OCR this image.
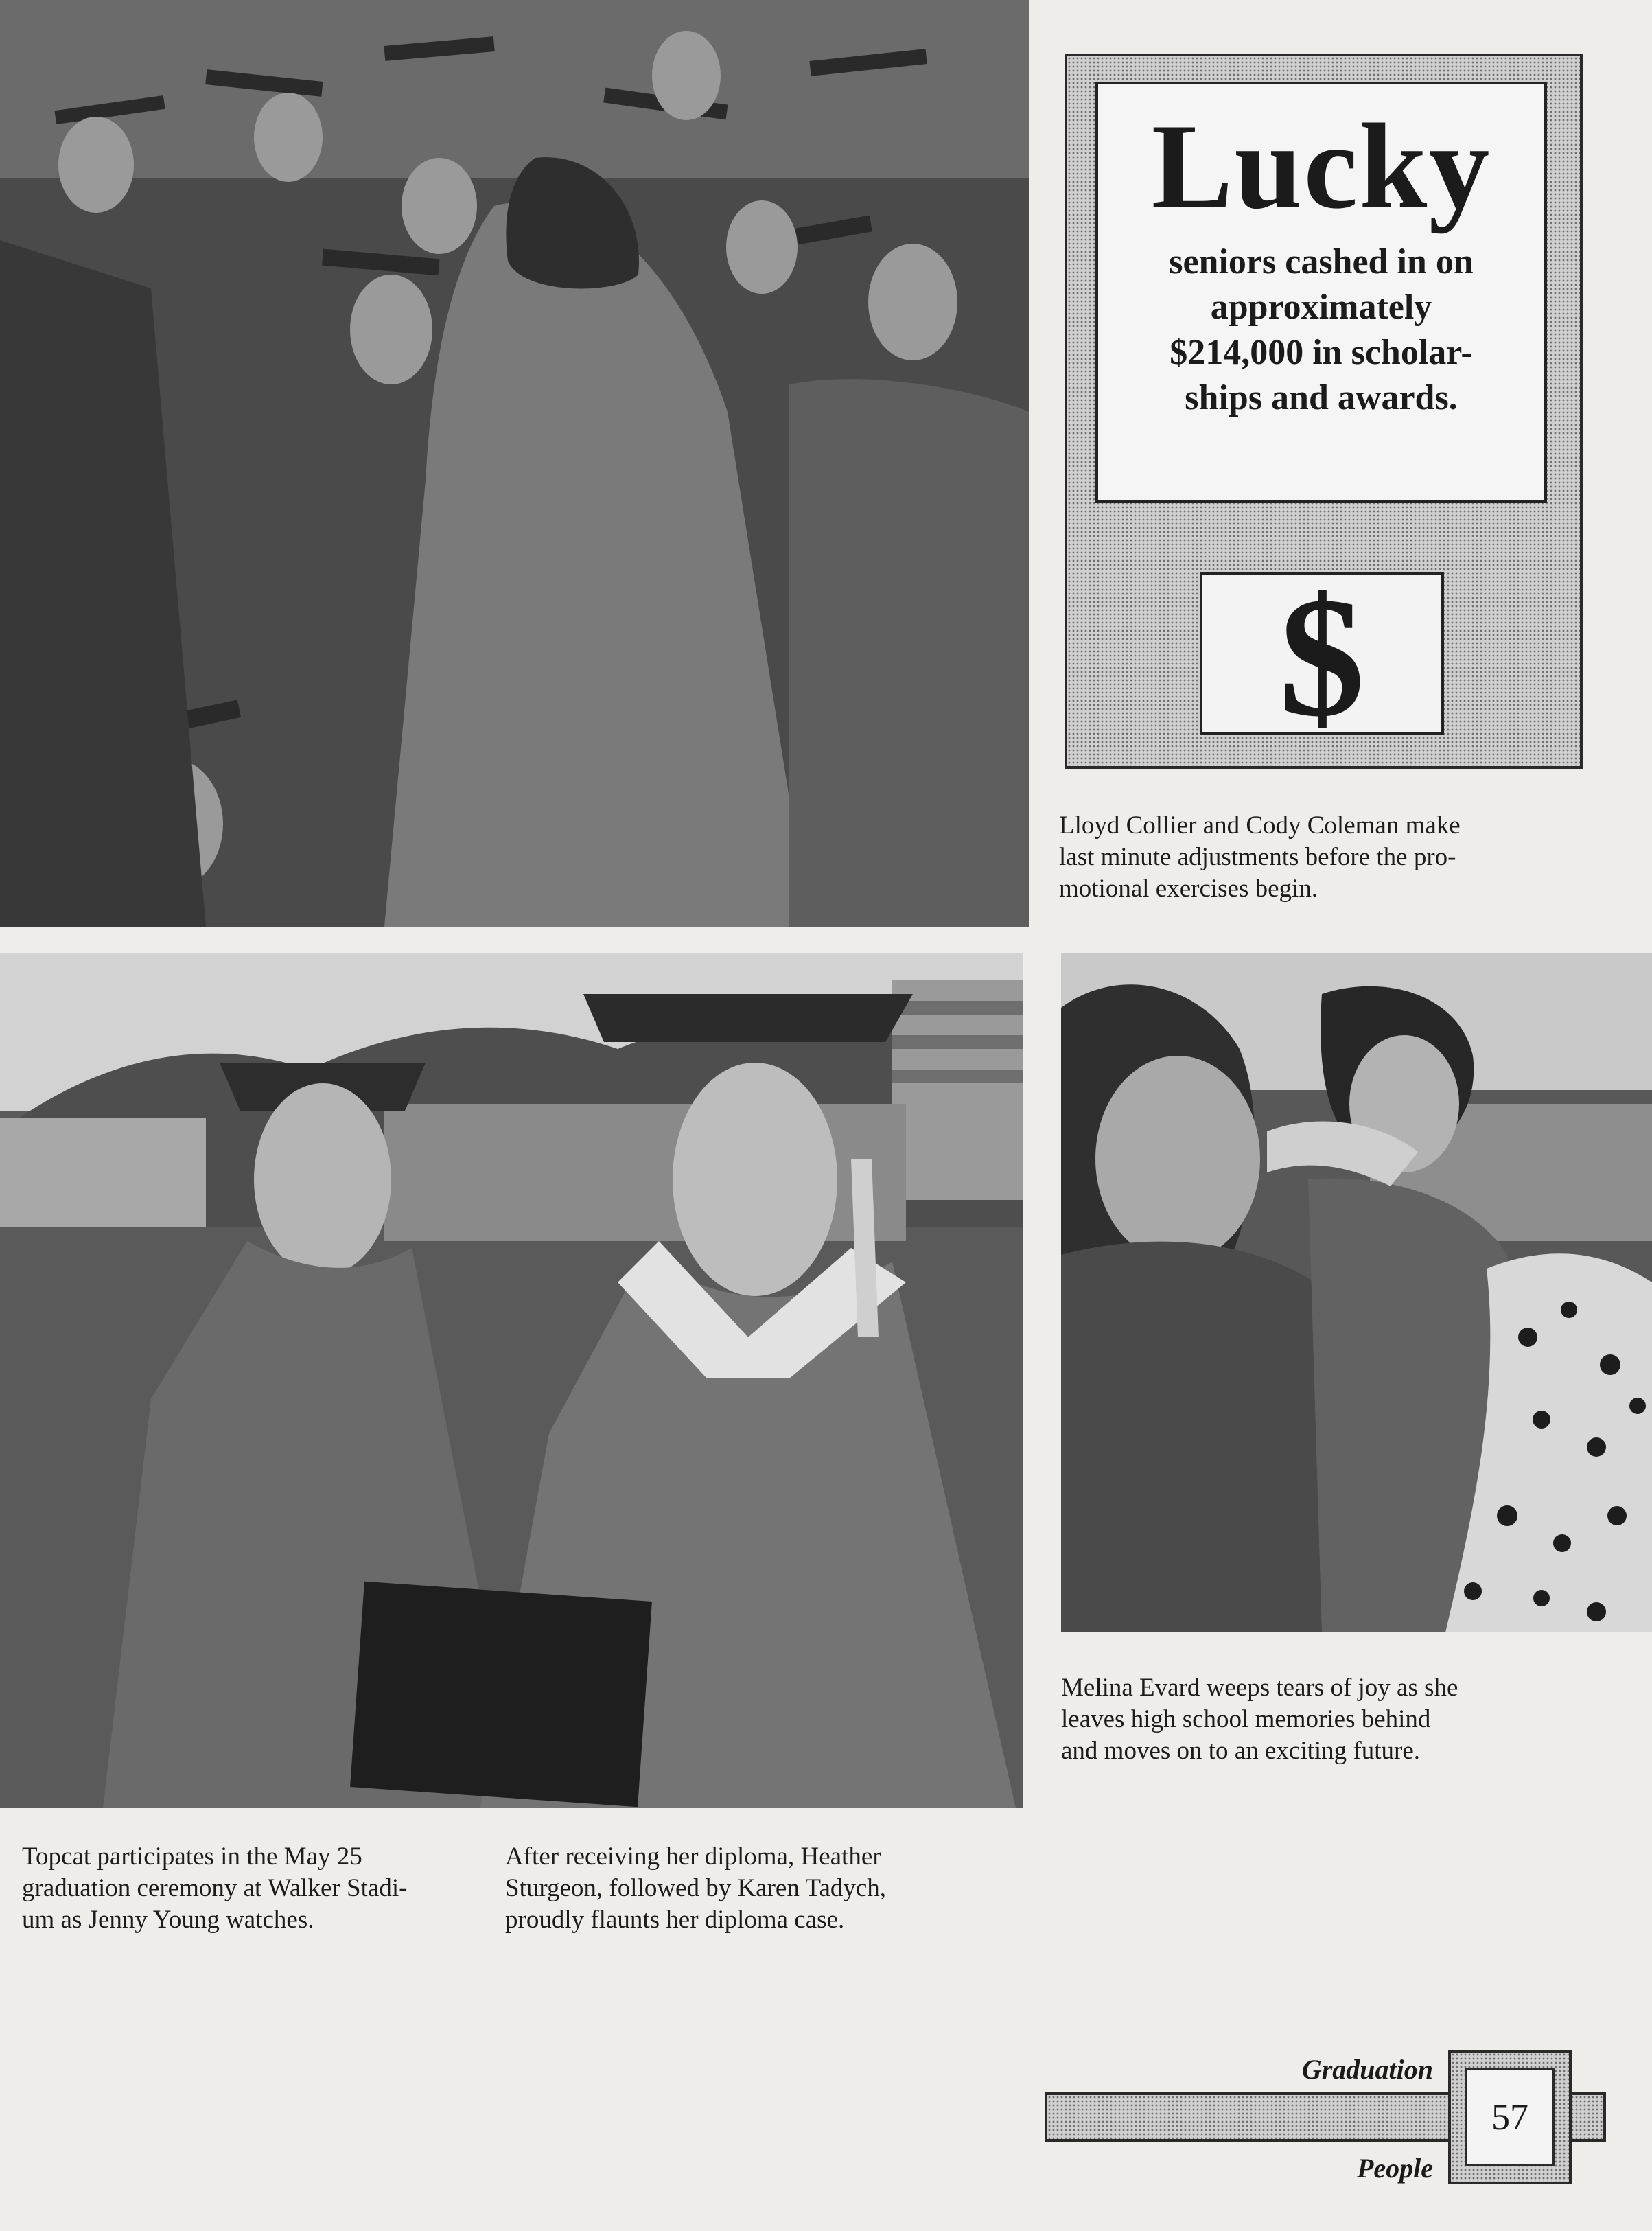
Lucky
seniors cashed in on
approximately
$214,000 in scholar-
ships and awards.
$
Lloyd Collier and Cody Coleman make
last minute adjustments before the pro-
motional exercises begin.
Melina Evard weeps tears of joy as she
leaves high school memories behind
and moves on to an exciting future.
Topcat participates in the May 25
graduation ceremony at Walker Stadi-
um as Jenny Young watches.
After receiving her diploma, Heather
Sturgeon, followed by Karen Tadych,
proudly flaunts her diploma case.
Graduation
57
People
